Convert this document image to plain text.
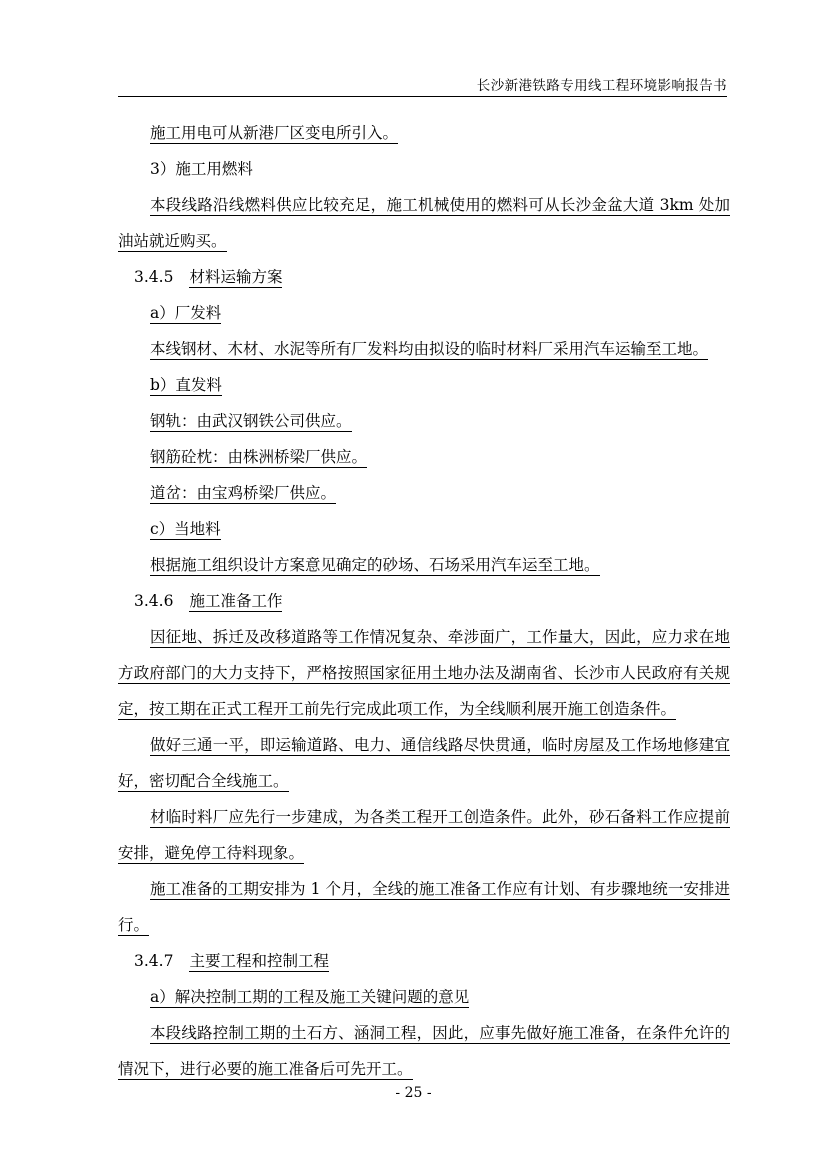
长沙新港铁路专用线工程环境影响报告书

施工用电可从新港厂区变电所引入。

3）施工用燃料

本段线路沿线燃料供应比较充足，施工机械使用的燃料可从长沙金盆大道 3km 处加油站就近购买。

3.4.5 材料运输方案

a）厂发料

本线钢材、木材、水泥等所有厂发料均由拟设的临时材料厂采用汽车运输至工地。

b）直发料

钢轨：由武汉钢铁公司供应。

钢筋砼枕：由株洲桥梁厂供应。

道岔：由宝鸡桥梁厂供应。

c）当地料

根据施工组织设计方案意见确定的砂场、石场采用汽车运至工地。

3.4.6 施工准备工作

因征地、拆迁及改移道路等工作情况复杂、牵涉面广，工作量大，因此，应力求在地方政府部门的大力支持下，严格按照国家征用土地办法及湖南省、长沙市人民政府有关规定，按工期在正式工程开工前先行完成此项工作，为全线顺利展开施工创造条件。

做好三通一平，即运输道路、电力、通信线路尽快贯通，临时房屋及工作场地修建宜好，密切配合全线施工。

材临时料厂应先行一步建成，为各类工程开工创造条件。此外，砂石备料工作应提前安排，避免停工待料现象。

施工准备的工期安排为 1 个月，全线的施工准备工作应有计划、有步骤地统一安排进行。

3.4.7 主要工程和控制工程

a）解决控制工期的工程及施工关键问题的意见

本段线路控制工期的土石方、涵洞工程，因此，应事先做好施工准备，在条件允许的情况下，进行必要的施工准备后可先开工。

- 25 -
